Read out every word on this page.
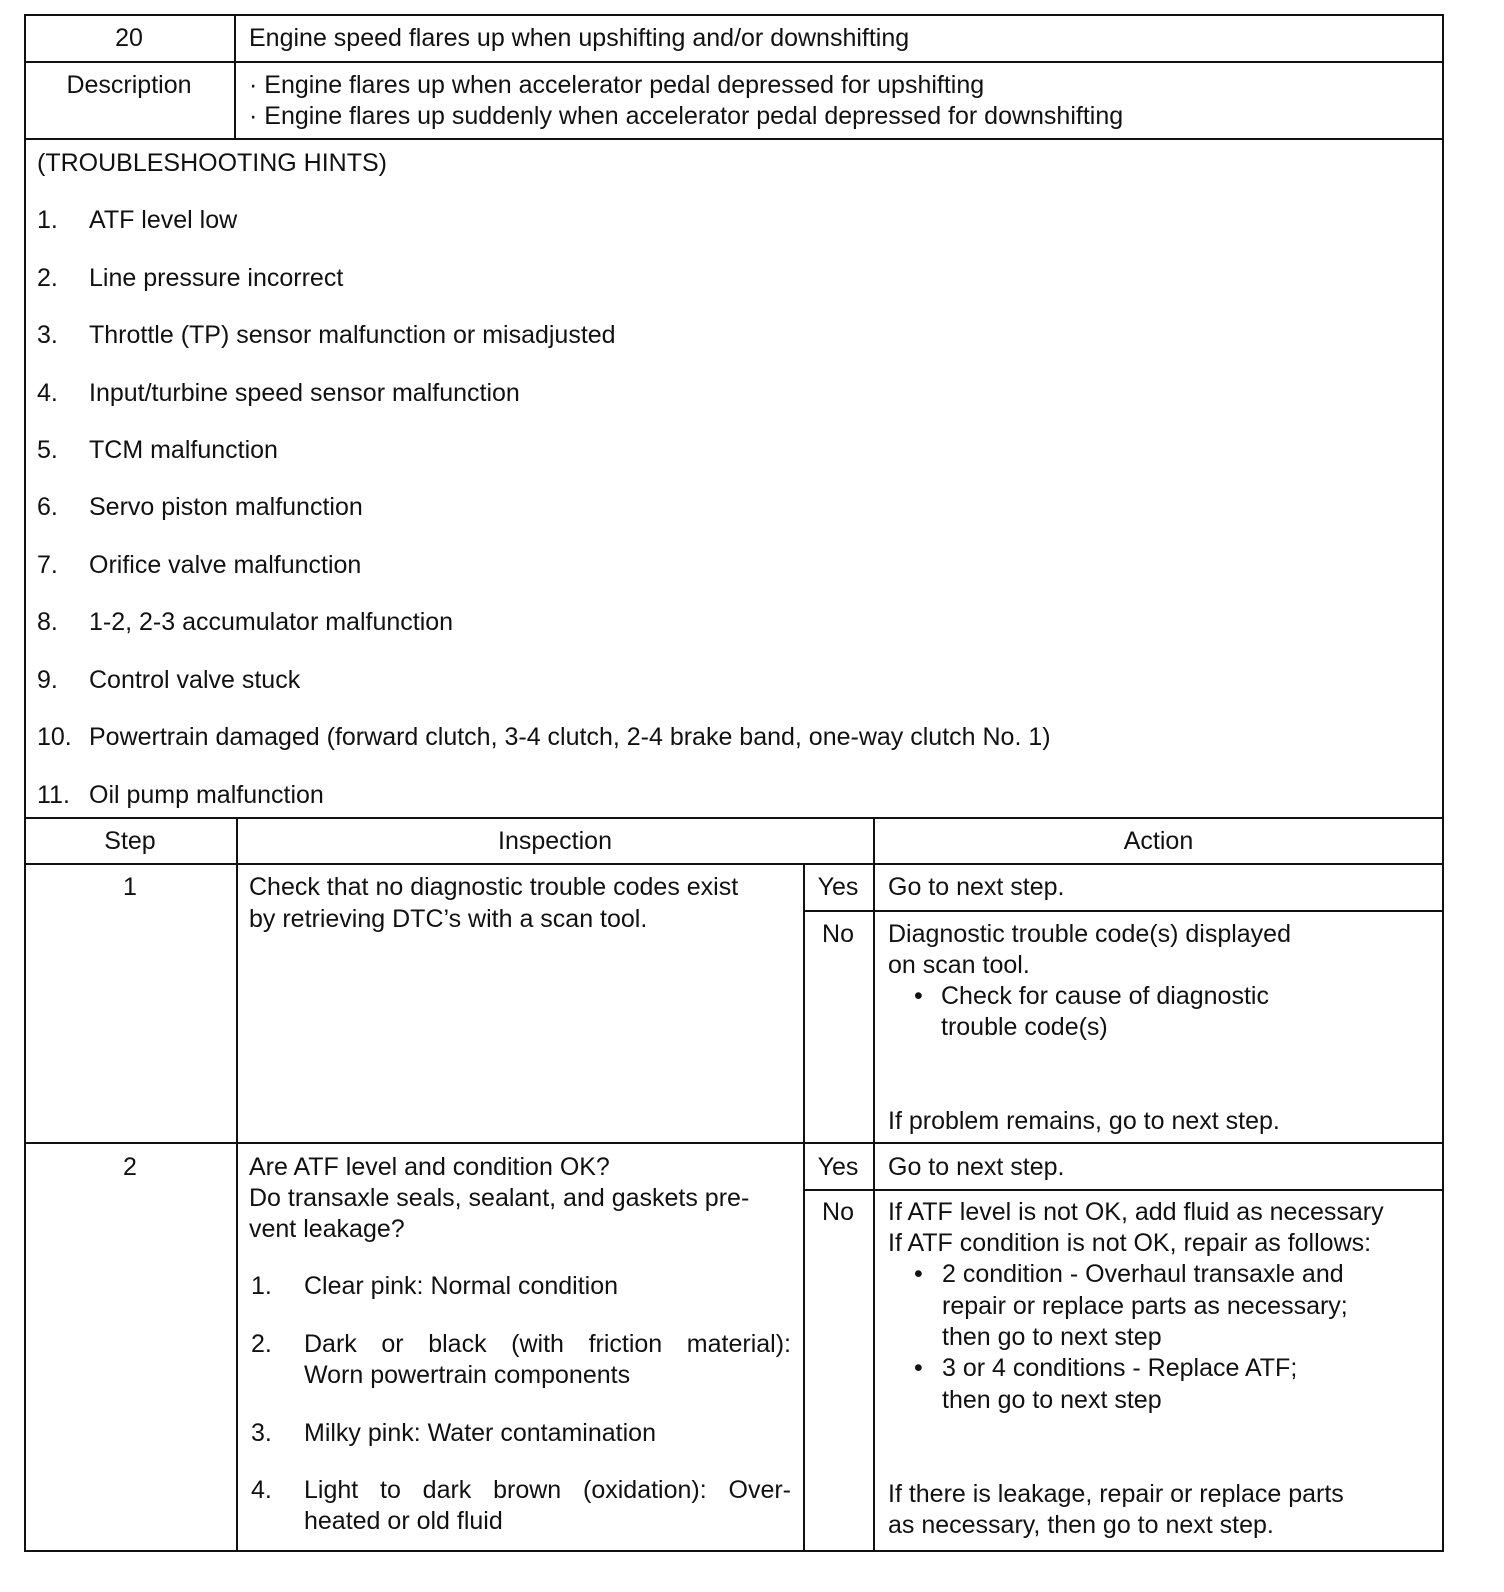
20	Engine speed flares up when upshifting and/or downshifting
Description	· Engine flares up when accelerator pedal depressed for upshifting
· Engine flares up suddenly when accelerator pedal depressed for downshifting
(TROUBLESHOOTING HINTS)
1. ATF level low
2. Line pressure incorrect
3. Throttle (TP) sensor malfunction or misadjusted
4. Input/turbine speed sensor malfunction
5. TCM malfunction
6. Servo piston malfunction
7. Orifice valve malfunction
8. 1-2, 2-3 accumulator malfunction
9. Control valve stuck
10. Powertrain damaged (forward clutch, 3-4 clutch, 2-4 brake band, one-way clutch No. 1)
11. Oil pump malfunction
Step	Inspection	Action
1	Check that no diagnostic trouble codes exist
by retrieving DTC’s with a scan tool.
Yes	Go to next step.
No	Diagnostic trouble code(s) displayed
on scan tool.
• Check for cause of diagnostic
trouble code(s)
If problem remains, go to next step.
2	Are ATF level and condition OK?
Do transaxle seals, sealant, and gaskets pre-
vent leakage?
1. Clear pink: Normal condition
2. Dark or black (with friction material):
Worn powertrain components
3. Milky pink: Water contamination
4. Light to dark brown (oxidation): Over-
heated or old fluid
Yes	Go to next step.
No	If ATF level is not OK, add fluid as necessary
If ATF condition is not OK, repair as follows:
• 2 condition - Overhaul transaxle and
repair or replace parts as necessary;
then go to next step
• 3 or 4 conditions - Replace ATF;
then go to next step
If there is leakage, repair or replace parts
as necessary, then go to next step.
